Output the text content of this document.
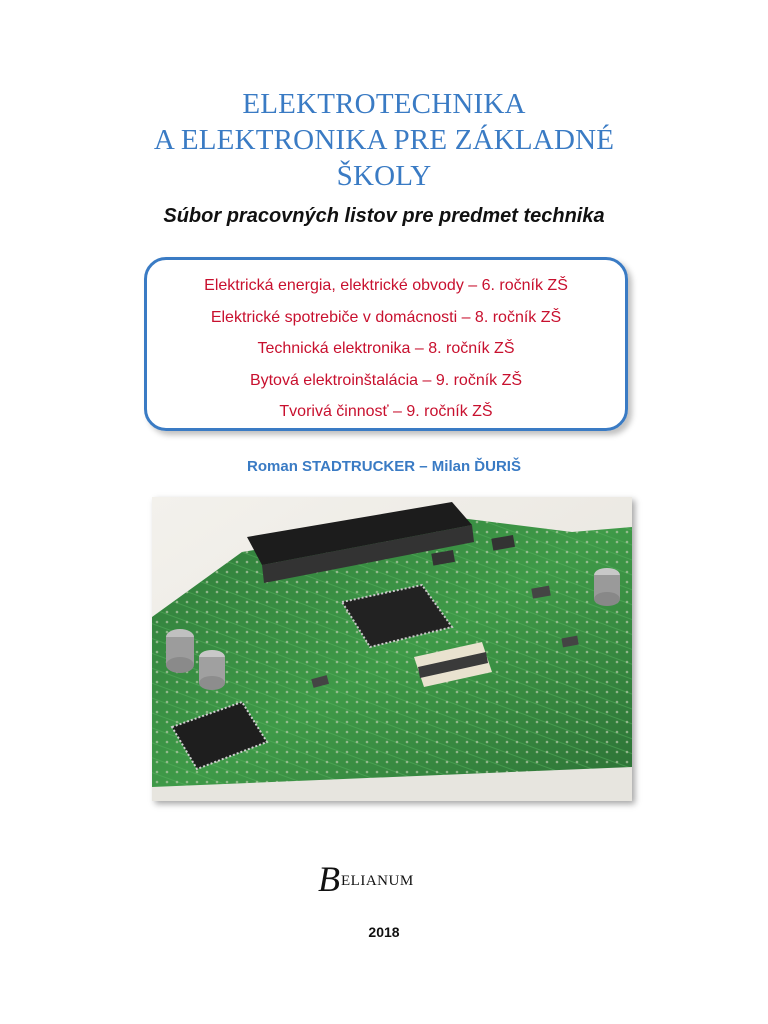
ELEKTROTECHNIKA
A ELEKTRONIKA PRE ZÁKLADNÉ
ŠKOLY
Súbor pracovných listov pre predmet technika
Elektrická energia, elektrické obvody – 6. ročník ZŠ
Elektrické spotrebiče v domácnosti – 8. ročník ZŠ
Technická elektronika – 8. ročník ZŠ
Bytová elektroinštalácia – 9. ročník ZŠ
Tvorivá činnosť – 9. ročník ZŠ
Roman STADTRUCKER – Milan ĎURIŠ
B ELIANUM
2018
